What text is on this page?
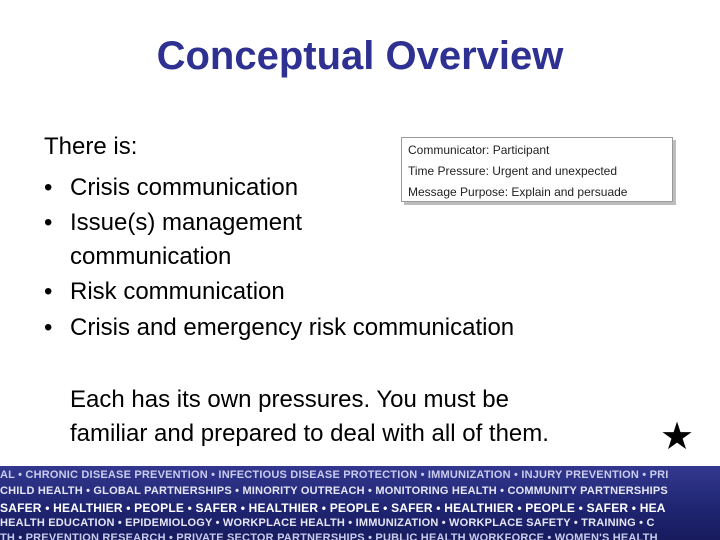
Conceptual Overview
There is:
• Crisis communication
• Issue(s) management
communication
• Risk communication
• Crisis and emergency risk communication
Communicator: Participant
Time Pressure: Urgent and unexpected
Message Purpose: Explain and persuade
Each has its own pressures. You must be
familiar and prepared to deal with all of them.	★
AL • CHRONIC DISEASE PREVENTION • INFECTIOUS DISEASE PROTECTION • IMMUNIZATION • INJURY PREVENTION • PRI
CHILD HEALTH • GLOBAL PARTNERSHIPS • MINORITY OUTREACH • MONITORING HEALTH • COMMUNITY PARTNERSHIPS
SAFER • HEALTHIER • PEOPLE • SAFER • HEALTHIER • PEOPLE • SAFER • HEALTHIER • PEOPLE • SAFER • HEA
HEALTH EDUCATION • EPIDEMIOLOGY • WORKPLACE HEALTH • IMMUNIZATION • WORKPLACE SAFETY • TRAINING • C
TH • PREVENTION RESEARCH • PRIVATE SECTOR PARTNERSHIPS • PUBLIC HEALTH WORKFORCE • WOMEN'S HEALTH
